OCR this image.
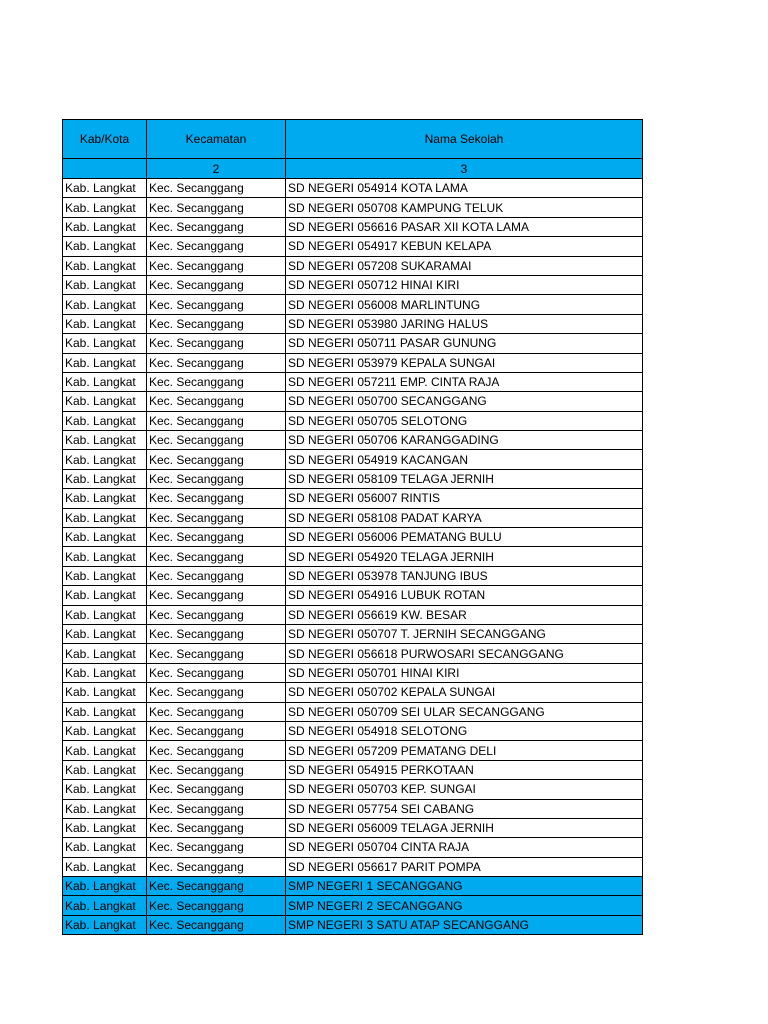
Kab/Kota	Kecamatan	Nama Sekolah
	2	3
Kab. Langkat	Kec. Secanggang	SD NEGERI 054914 KOTA LAMA
Kab. Langkat	Kec. Secanggang	SD NEGERI 050708 KAMPUNG TELUK
Kab. Langkat	Kec. Secanggang	SD NEGERI 056616 PASAR XII KOTA LAMA
Kab. Langkat	Kec. Secanggang	SD NEGERI 054917 KEBUN KELAPA
Kab. Langkat	Kec. Secanggang	SD NEGERI 057208 SUKARAMAI
Kab. Langkat	Kec. Secanggang	SD NEGERI 050712 HINAI KIRI
Kab. Langkat	Kec. Secanggang	SD NEGERI 056008 MARLINTUNG
Kab. Langkat	Kec. Secanggang	SD NEGERI 053980 JARING HALUS
Kab. Langkat	Kec. Secanggang	SD NEGERI 050711 PASAR GUNUNG
Kab. Langkat	Kec. Secanggang	SD NEGERI 053979 KEPALA SUNGAI
Kab. Langkat	Kec. Secanggang	SD NEGERI 057211 EMP. CINTA RAJA
Kab. Langkat	Kec. Secanggang	SD NEGERI 050700 SECANGGANG
Kab. Langkat	Kec. Secanggang	SD NEGERI 050705 SELOTONG
Kab. Langkat	Kec. Secanggang	SD NEGERI 050706 KARANGGADING
Kab. Langkat	Kec. Secanggang	SD NEGERI 054919 KACANGAN
Kab. Langkat	Kec. Secanggang	SD NEGERI 058109 TELAGA JERNIH
Kab. Langkat	Kec. Secanggang	SD NEGERI 056007 RINTIS
Kab. Langkat	Kec. Secanggang	SD NEGERI 058108 PADAT KARYA
Kab. Langkat	Kec. Secanggang	SD NEGERI 056006 PEMATANG BULU
Kab. Langkat	Kec. Secanggang	SD NEGERI 054920 TELAGA JERNIH
Kab. Langkat	Kec. Secanggang	SD NEGERI 053978 TANJUNG IBUS
Kab. Langkat	Kec. Secanggang	SD NEGERI 054916 LUBUK ROTAN
Kab. Langkat	Kec. Secanggang	SD NEGERI 056619 KW. BESAR
Kab. Langkat	Kec. Secanggang	SD NEGERI 050707 T. JERNIH SECANGGANG
Kab. Langkat	Kec. Secanggang	SD NEGERI 056618 PURWOSARI SECANGGANG
Kab. Langkat	Kec. Secanggang	SD NEGERI 050701 HINAI KIRI
Kab. Langkat	Kec. Secanggang	SD NEGERI 050702 KEPALA SUNGAI
Kab. Langkat	Kec. Secanggang	SD NEGERI 050709 SEI ULAR SECANGGANG
Kab. Langkat	Kec. Secanggang	SD NEGERI 054918 SELOTONG
Kab. Langkat	Kec. Secanggang	SD NEGERI 057209 PEMATANG DELI
Kab. Langkat	Kec. Secanggang	SD NEGERI 054915 PERKOTAAN
Kab. Langkat	Kec. Secanggang	SD NEGERI 050703 KEP. SUNGAI
Kab. Langkat	Kec. Secanggang	SD NEGERI 057754 SEI CABANG
Kab. Langkat	Kec. Secanggang	SD NEGERI 056009 TELAGA JERNIH
Kab. Langkat	Kec. Secanggang	SD NEGERI 050704 CINTA RAJA
Kab. Langkat	Kec. Secanggang	SD NEGERI 056617 PARIT POMPA
Kab. Langkat	Kec. Secanggang	SMP NEGERI 1 SECANGGANG
Kab. Langkat	Kec. Secanggang	SMP NEGERI 2 SECANGGANG
Kab. Langkat	Kec. Secanggang	SMP NEGERI 3 SATU ATAP SECANGGANG
